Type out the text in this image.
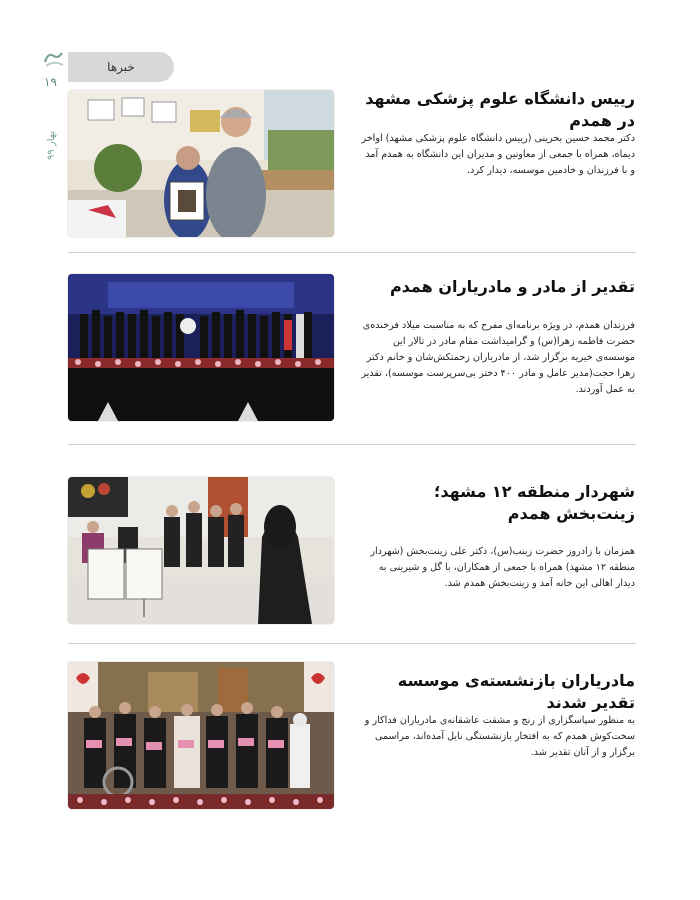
۱۹
بهار ۹۹
خبرها
رییس دانشگاه علوم پزشکی مشهد در همدم
دکتر محمد حسین بحرینی (رییس دانشگاه علوم پزشکی مشهد) اواخر دیماه، همراه با جمعی از معاونین و مدیران این دانشگاه به همدم آمد و با فرزندان و خادمین موسسه، دیدار کرد.
تقدیر از مادر و مادریاران همدم
فرزندان همدم، در ویژه برنامه‌ای مفرح که به مناسبت میلاد فرخنده‌ی حضرت فاطمه زهرا(س) و گرامیداشت مقام مادر در تالار این موسسه‌ی خیریه برگزار شد، از مادریاران زحمتکش‌شان و خانم دکتر زهرا حجت(مدیر عامل و مادر ۴۰۰ دختر بی‌سرپرست موسسه)، تقدیر به عمل آوردند.
شهردار منطقه ۱۲ مشهد؛ زینت‌بخش همدم
همزمان با زادروز حضرت زینب(س)، دکتر علی زینت‌بخش (شهردار منطقه ۱۲ مشهد) همراه با جمعی از همکاران، با گل و شیرینی به دیدار اهالی این خانه آمد و زینت‌بخش همدم شد.
مادریاران بازنشسته‌ی موسسه تقدیر شدند
به منظور سپاسگزاری از رنج و مشقت عاشقانه‌ی مادریاران فداکار و سخت‌کوش همدم که به افتخار بازنشستگی نایل آمده‌اند، مراسمی برگزار و از آنان تقدیر شد.
